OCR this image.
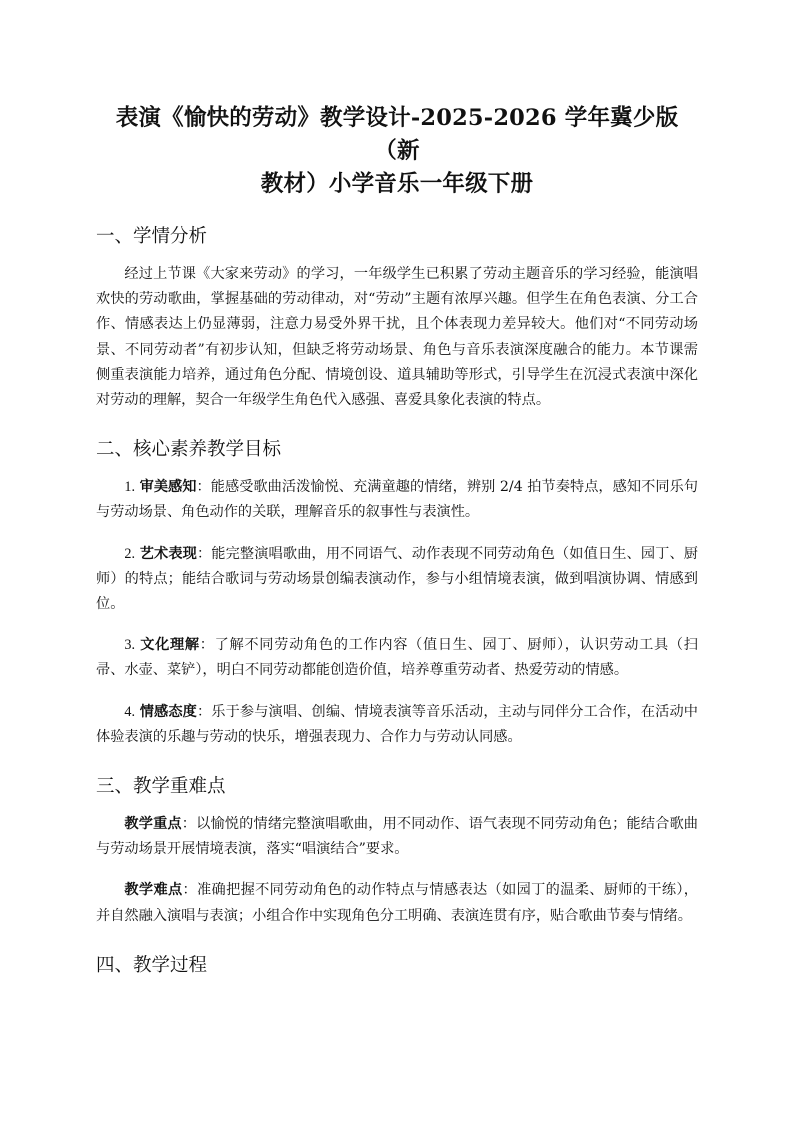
表演《愉快的劳动》教学设计-2025-2026 学年冀少版（新
教材）小学音乐一年级下册
一、学情分析

经过上节课《大家来劳动》的学习，一年级学生已积累了劳动主题音乐的学习经验，能演唱欢快的劳动歌曲，掌握基础的劳动律动，对“劳动”主题有浓厚兴趣。但学生在角色表演、分工合作、情感表达上仍显薄弱，注意力易受外界干扰，且个体表现力差异较大。他们对“不同劳动场景、不同劳动者”有初步认知，但缺乏将劳动场景、角色与音乐表演深度融合的能力。本节课需侧重表演能力培养，通过角色分配、情境创设、道具辅助等形式，引导学生在沉浸式表演中深化对劳动的理解，契合一年级学生角色代入感强、喜爱具象化表演的特点。

二、核心素养教学目标

1. 审美感知：能感受歌曲活泼愉悦、充满童趣的情绪，辨别 2/4 拍节奏特点，感知不同乐句与劳动场景、角色动作的关联，理解音乐的叙事性与表演性。

2. 艺术表现：能完整演唱歌曲，用不同语气、动作表现不同劳动角色（如值日生、园丁、厨师）的特点；能结合歌词与劳动场景创编表演动作，参与小组情境表演，做到唱演协调、情感到位。

3. 文化理解：了解不同劳动角色的工作内容（值日生、园丁、厨师），认识劳动工具（扫帚、水壶、菜铲），明白不同劳动都能创造价值，培养尊重劳动者、热爱劳动的情感。

4. 情感态度：乐于参与演唱、创编、情境表演等音乐活动，主动与同伴分工合作，在活动中体验表演的乐趣与劳动的快乐，增强表现力、合作力与劳动认同感。

三、教学重难点

教学重点：以愉悦的情绪完整演唱歌曲，用不同动作、语气表现不同劳动角色；能结合歌曲与劳动场景开展情境表演，落实“唱演结合”要求。

教学难点：准确把握不同劳动角色的动作特点与情感表达（如园丁的温柔、厨师的干练），并自然融入演唱与表演；小组合作中实现角色分工明确、表演连贯有序，贴合歌曲节奏与情绪。

四、教学过程
